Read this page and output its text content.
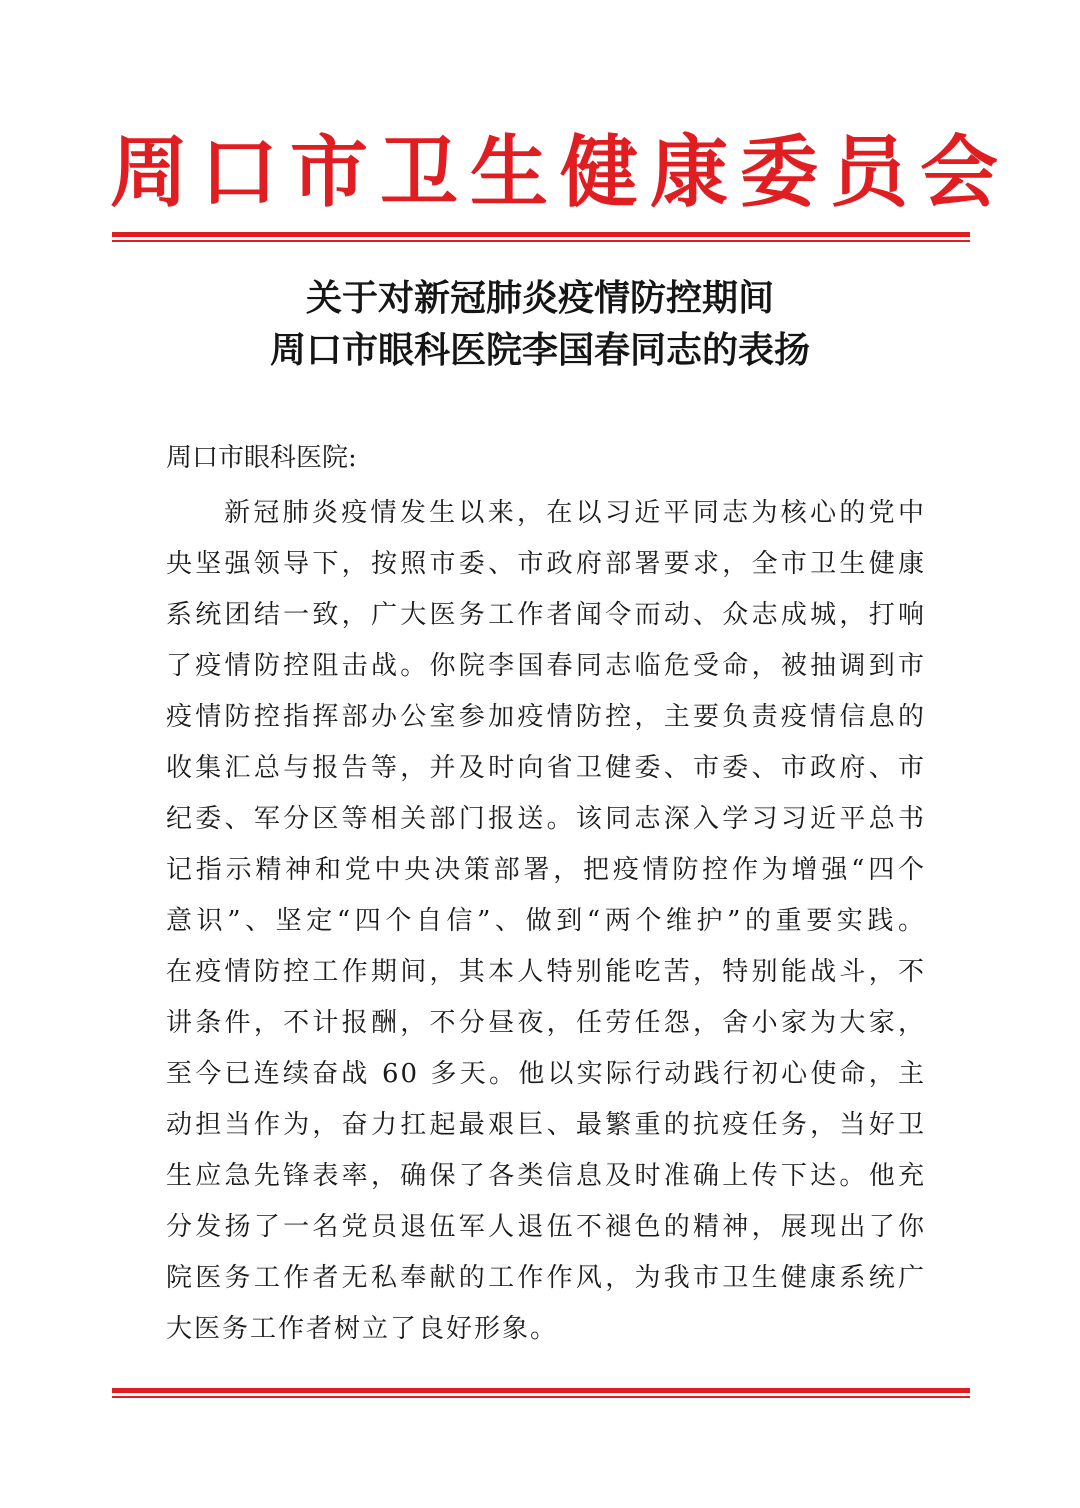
周口市卫生健康委员会
关于对新冠肺炎疫情防控期间
周口市眼科医院李国春同志的表扬
周口市眼科医院:
新冠肺炎疫情发生以来，在以习近平同志为核心的党中
央坚强领导下，按照市委、市政府部署要求，全市卫生健康
系统团结一致，广大医务工作者闻令而动、众志成城，打响
了疫情防控阻击战。你院李国春同志临危受命，被抽调到市
疫情防控指挥部办公室参加疫情防控，主要负责疫情信息的
收集汇总与报告等，并及时向省卫健委、市委、市政府、市
纪委、军分区等相关部门报送。该同志深入学习习近平总书
记指示精神和党中央决策部署，把疫情防控作为增强“四个
意识”、坚定“四个自信”、做到“两个维护”的重要实践。
在疫情防控工作期间，其本人特别能吃苦，特别能战斗，不
讲条件，不计报酬，不分昼夜，任劳任怨，舍小家为大家，
至今已连续奋战 60 多天。他以实际行动践行初心使命，主
动担当作为，奋力扛起最艰巨、最繁重的抗疫任务，当好卫
生应急先锋表率，确保了各类信息及时准确上传下达。他充
分发扬了一名党员退伍军人退伍不褪色的精神，展现出了你
院医务工作者无私奉献的工作作风，为我市卫生健康系统广
大医务工作者树立了良好形象。
